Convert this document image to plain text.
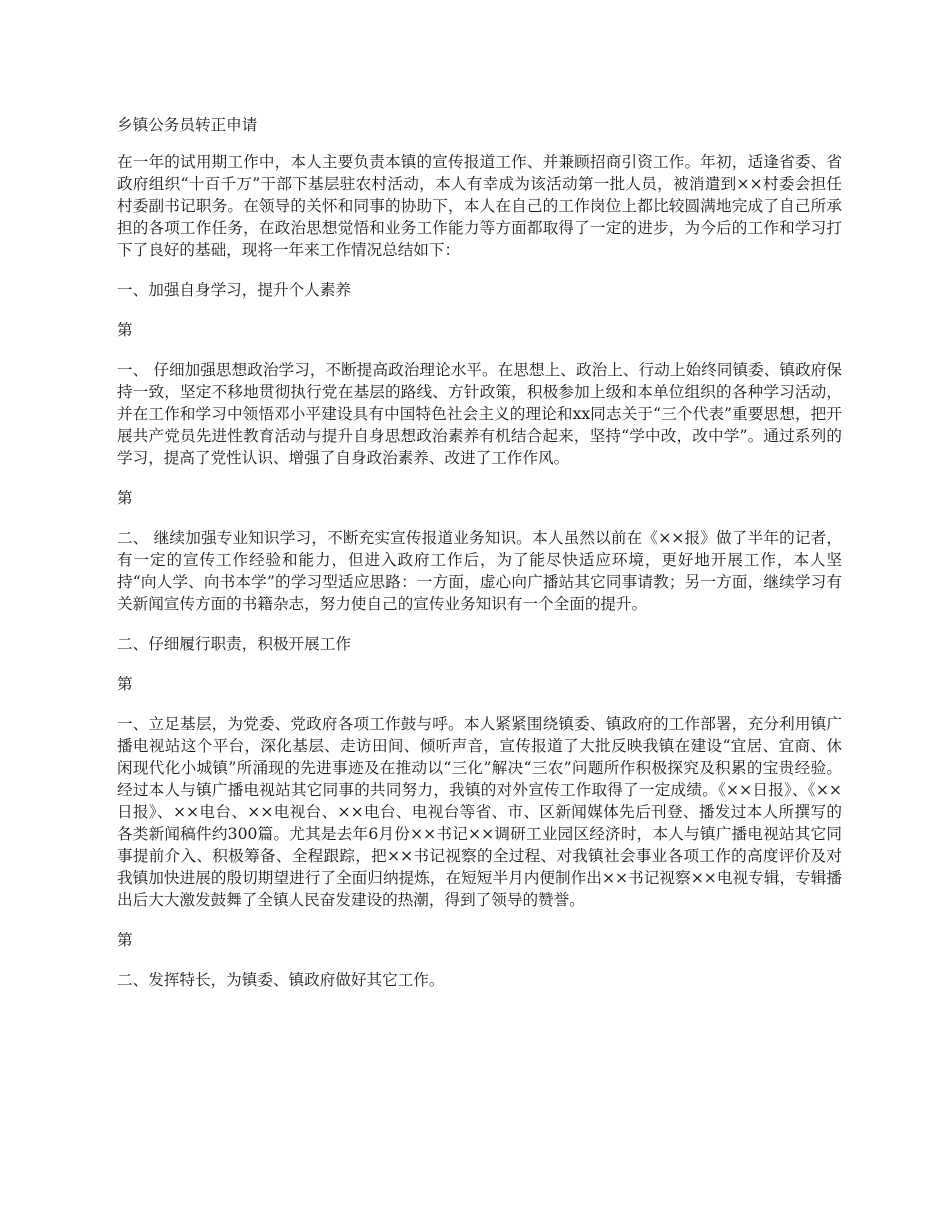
乡镇公务员转正申请

在一年的试用期工作中，本人主要负责本镇的宣传报道工作、并兼顾招商引资工作。年初，适逢省委、省政府组织“十百千万”干部下基层驻农村活动，本人有幸成为该活动第一批人员，被消遣到××村委会担任村委副书记职务。在领导的关怀和同事的协助下，本人在自己的工作岗位上都比较圆满地完成了自己所承担的各项工作任务，在政治思想觉悟和业务工作能力等方面都取得了一定的进步，为今后的工作和学习打下了良好的基础，现将一年来工作情况总结如下：

一、加强自身学习，提升个人素养

第

一、 仔细加强思想政治学习，不断提高政治理论水平。在思想上、政治上、行动上始终同镇委、镇政府保持一致，坚定不移地贯彻执行党在基层的路线、方针政策，积极参加上级和本单位组织的各种学习活动，并在工作和学习中领悟邓小平建设具有中国特色社会主义的理论和xx同志关于“三个代表”重要思想，把开展共产党员先进性教育活动与提升自身思想政治素养有机结合起来，坚持“学中改，改中学”。通过系列的学习，提高了党性认识、增强了自身政治素养、改进了工作作风。

第

二、 继续加强专业知识学习，不断充实宣传报道业务知识。本人虽然以前在《××报》做了半年的记者，有一定的宣传工作经验和能力，但进入政府工作后，为了能尽快适应环境，更好地开展工作，本人坚持“向人学、向书本学”的学习型适应思路：一方面，虚心向广播站其它同事请教；另一方面，继续学习有关新闻宣传方面的书籍杂志，努力使自己的宣传业务知识有一个全面的提升。

二、仔细履行职责，积极开展工作

第

一、立足基层，为党委、党政府各项工作鼓与呼。本人紧紧围绕镇委、镇政府的工作部署，充分利用镇广播电视站这个平台，深化基层、走访田间、倾听声音，宣传报道了大批反映我镇在建设“宜居、宜商、休闲现代化小城镇”所涌现的先进事迹及在推动以“三化”解决“三农”问题所作积极探究及积累的宝贵经验。经过本人与镇广播电视站其它同事的共同努力，我镇的对外宣传工作取得了一定成绩。《××日报》、《××日报》、××电台、××电视台、××电台、电视台等省、市、区新闻媒体先后刊登、播发过本人所撰写的各类新闻稿件约300篇。尤其是去年6月份××书记××调研工业园区经济时，本人与镇广播电视站其它同事提前介入、积极筹备、全程跟踪，把××书记视察的全过程、对我镇社会事业各项工作的高度评价及对我镇加快进展的殷切期望进行了全面归纳提炼，在短短半月内便制作出××书记视察××电视专辑，专辑播出后大大激发鼓舞了全镇人民奋发建设的热潮，得到了领导的赞誉。

第

二、发挥特长，为镇委、镇政府做好其它工作。
